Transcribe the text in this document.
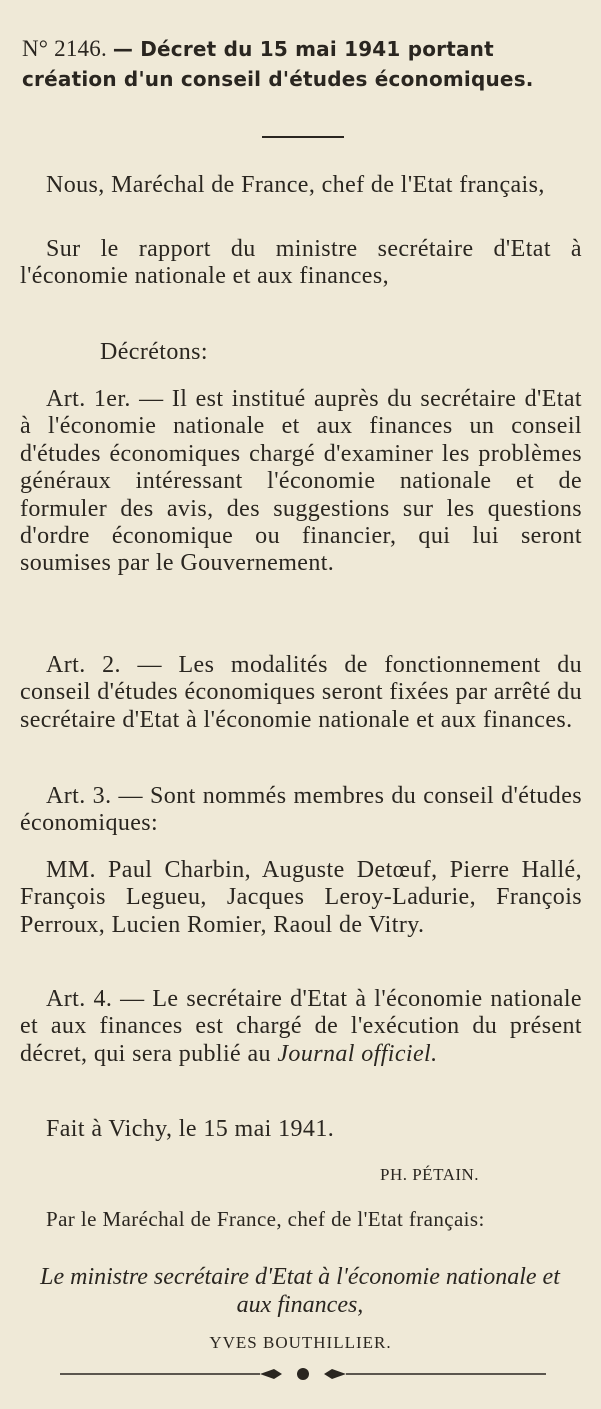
N° 2146. — Décret du 15 mai 1941 portant création d'un conseil d'études économiques.
Nous, Maréchal de France, chef de l'Etat français,
Sur le rapport du ministre secrétaire d'Etat à l'économie nationale et aux finances,
Décrétons:
Art. 1er. — Il est institué auprès du secrétaire d'Etat à l'économie nationale et aux finances un conseil d'études économiques chargé d'examiner les problèmes généraux intéressant l'économie nationale et de formuler des avis, des suggestions sur les questions d'ordre économique ou financier, qui lui seront soumises par le Gouvernement.
Art. 2. — Les modalités de fonctionnement du conseil d'études économiques seront fixées par arrêté du secrétaire d'Etat à l'économie nationale et aux finances.
Art. 3. — Sont nommés membres du conseil d'études économiques:
MM. Paul Charbin, Auguste Detœuf, Pierre Hallé, François Legueu, Jacques Leroy-Ladurie, François Perroux, Lucien Romier, Raoul de Vitry.
Art. 4. — Le secrétaire d'Etat à l'économie nationale et aux finances est chargé de l'exécution du présent décret, qui sera publié au Journal officiel.
Fait à Vichy, le 15 mai 1941.
PH. PÉTAIN.
Par le Maréchal de France, chef de l'Etat français:
Le ministre secrétaire d'Etat à l'économie nationale et aux finances,
YVES BOUTHILLIER.
